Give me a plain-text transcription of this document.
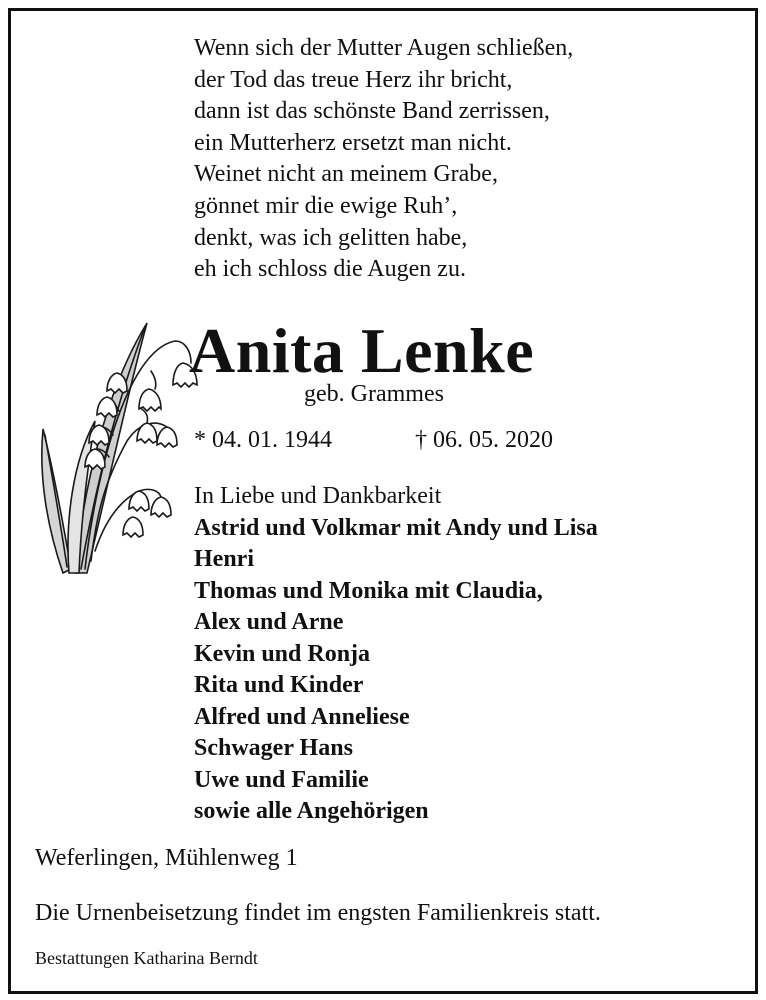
Wenn sich der Mutter Augen schließen,
der Tod das treue Herz ihr bricht,
dann ist das schönste Band zerrissen,
ein Mutterherz ersetzt man nicht.
Weinet nicht an meinem Grabe,
gönnet mir die ewige Ruh’,
denkt, was ich gelitten habe,
eh ich schloss die Augen zu.
Anita Lenke
geb. Grammes
* 04. 01. 1944	† 06. 05. 2020
In Liebe und Dankbarkeit
Astrid und Volkmar mit Andy und Lisa
Henri
Thomas und Monika mit Claudia,
Alex und Arne
Kevin und Ronja
Rita und Kinder
Alfred und Anneliese
Schwager Hans
Uwe und Familie
sowie alle Angehörigen
Weferlingen, Mühlenweg 1
Die Urnenbeisetzung findet im engsten Familienkreis statt.
Bestattungen Katharina Berndt
